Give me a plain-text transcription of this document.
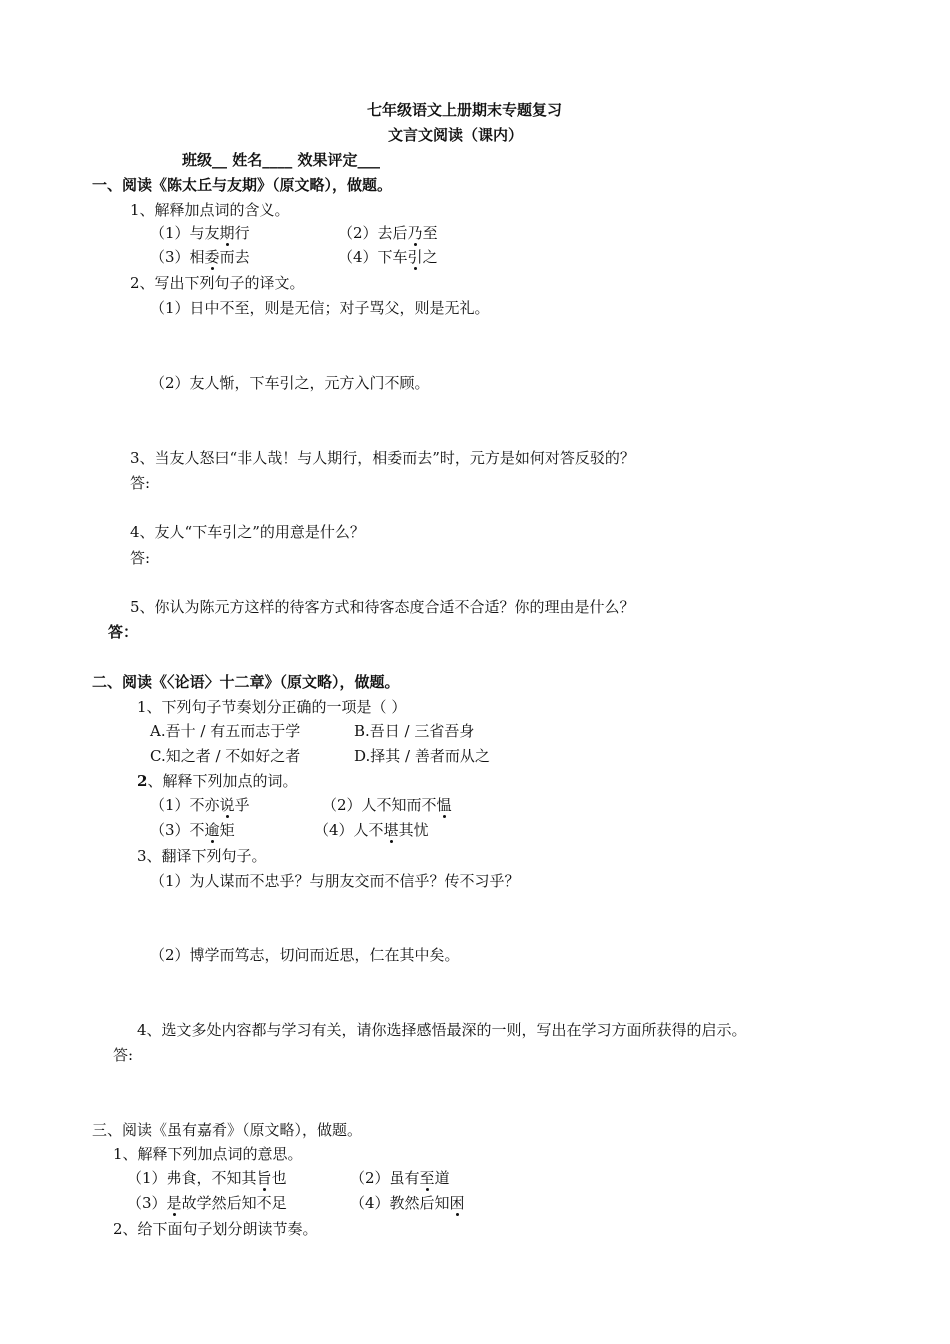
七年级语文上册期末专题复习
文言文阅读（课内）
班级__ 姓名____ 效果评定___
一、阅读《陈太丘与友期》（原文略），做题。
1、解释加点词的含义。
（1）与友期行	（2）去后乃至
（3）相委而去	（4）下车引之
2、写出下列句子的译文。
（1）日中不至，则是无信；对子骂父，则是无礼。
（2）友人惭，下车引之，元方入门不顾。
3、当友人怒曰“非人哉！与人期行，相委而去”时，元方是如何对答反驳的？
答:
4、友人“下车引之”的用意是什么？
答:
5、你认为陈元方这样的待客方式和待客态度合适不合适？你的理由是什么？
答：
二、阅读《〈论语〉十二章》（原文略），做题。
1、下列句子节奏划分正确的一项是（ ）
A.吾十 / 有五而志于学	B.吾日 / 三省吾身
C.知之者 / 不如好之者	D.择其 / 善者而从之
2、解释下列加点的词。
（1）不亦说乎	（2）人不知而不愠
（3）不逾矩	（4）人不堪其忧
3、翻译下列句子。
（1）为人谋而不忠乎？与朋友交而不信乎？传不习乎？
（2）博学而笃志，切问而近思，仁在其中矣。
4、选文多处内容都与学习有关，请你选择感悟最深的一则，写出在学习方面所获得的启示。
答:
三、阅读《虽有嘉肴》（原文略），做题。
1、解释下列加点词的意思。
（1）弗食，不知其旨也	（2）虽有至道
（3）是故学然后知不足	（4）教然后知困
2、给下面句子划分朗读节奏。
